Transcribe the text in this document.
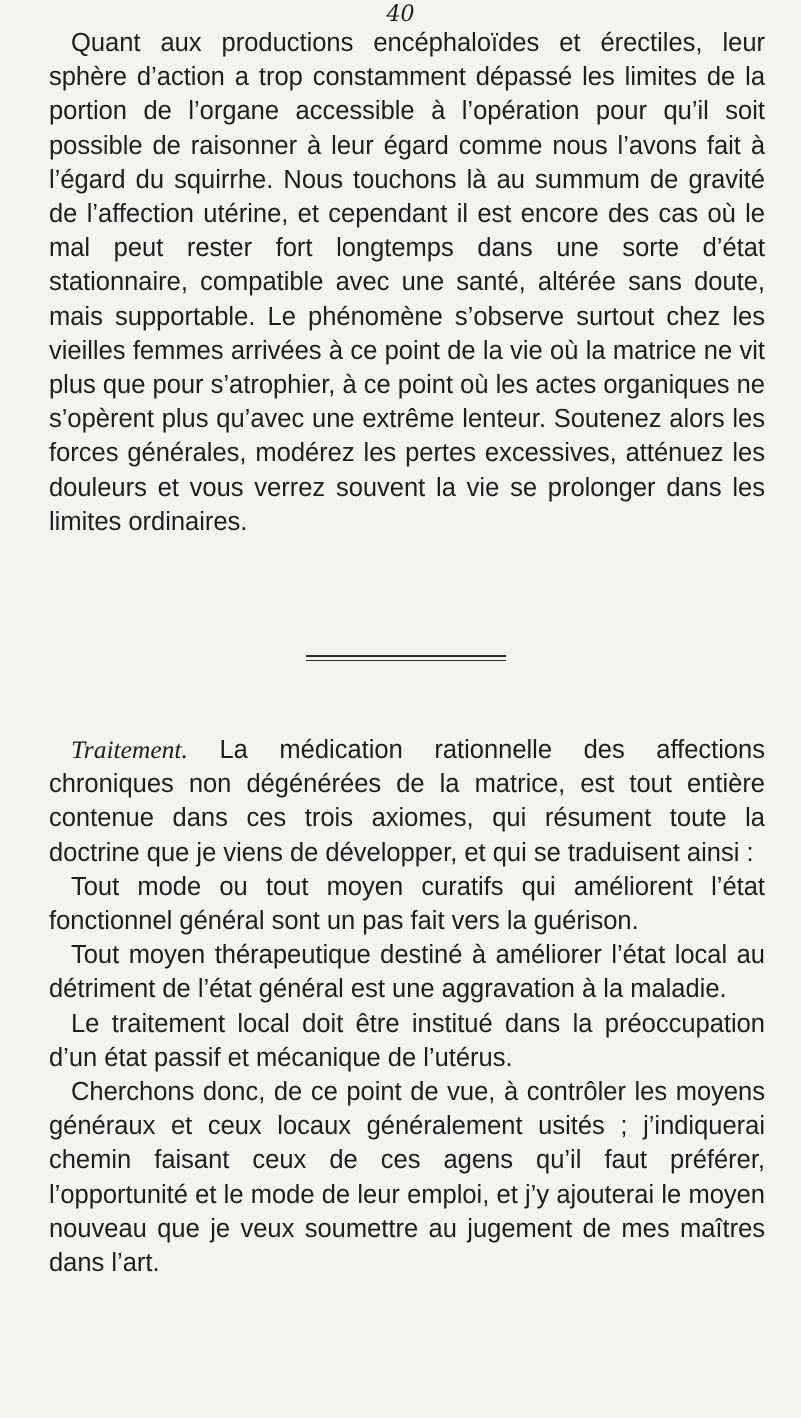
40

Quant aux productions encéphaloïdes et érectiles, leur sphère d’action a trop constamment dépassé les limites de la portion de l’organe accessible à l’opération pour qu’il soit possible de raisonner à leur égard comme nous l’avons fait à l’égard du squirrhe. Nous touchons là au summum de gravité de l’affection utérine, et cependant il est encore des cas où le mal peut rester fort longtemps dans une sorte d’état stationnaire, compatible avec une santé, altérée sans doute, mais supportable. Le phénomène s’observe surtout chez les vieilles femmes arrivées à ce point de la vie où la matrice ne vit plus que pour s’atrophier, à ce point où les actes organiques ne s’opèrent plus qu’avec une extrême lenteur. Soutenez alors les forces générales, modérez les pertes excessives, atténuez les douleurs et vous verrez souvent la vie se prolonger dans les limites ordinaires.

Traitement. La médication rationnelle des affections chroniques non dégénérées de la matrice, est tout entière contenue dans ces trois axiomes, qui résument toute la doctrine que je viens de développer, et qui se traduisent ainsi :

Tout mode ou tout moyen curatifs qui améliorent l’état fonctionnel général sont un pas fait vers la guérison.

Tout moyen thérapeutique destiné à améliorer l’état local au détriment de l’état général est une aggravation à la maladie.

Le traitement local doit être institué dans la préoccupation d’un état passif et mécanique de l’utérus.

Cherchons donc, de ce point de vue, à contrôler les moyens généraux et ceux locaux généralement usités ; j’indiquerai chemin faisant ceux de ces agens qu’il faut préférer, l’opportunité et le mode de leur emploi, et j’y ajouterai le moyen nouveau que je veux soumettre au jugement de mes maîtres dans l’art.
